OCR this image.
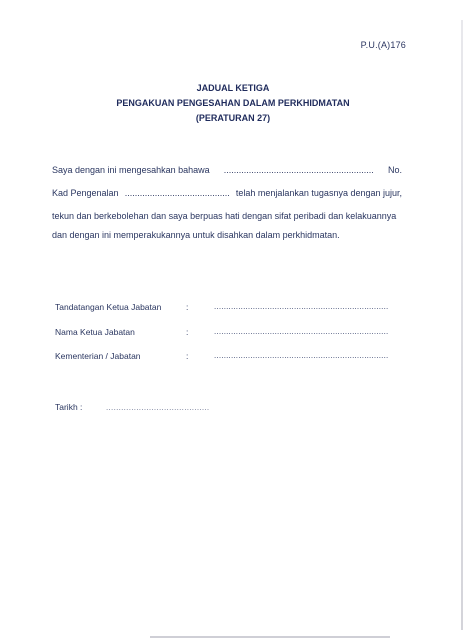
P.U.(A)176
JADUAL KETIGA
PENGAKUAN PENGESAHAN DALAM PERKHIDMATAN
(PERATURAN 27)
Saya dengan ini mengesahkan bahawa ............................................................ No.
Kad Pengenalan .......................................... telah menjalankan tugasnya dengan jujur,
tekun dan berkebolehan dan saya berpuas hati dengan sifat peribadi dan kelakuannya
dan dengan ini memperakukannya untuk disahkan dalam perkhidmatan.
Tandatangan Ketua Jabatan	:	........................................................................
Nama Ketua Jabatan	:	........................................................................
Kementerian / Jabatan	:	........................................................................
Tarikh :	.........................................
